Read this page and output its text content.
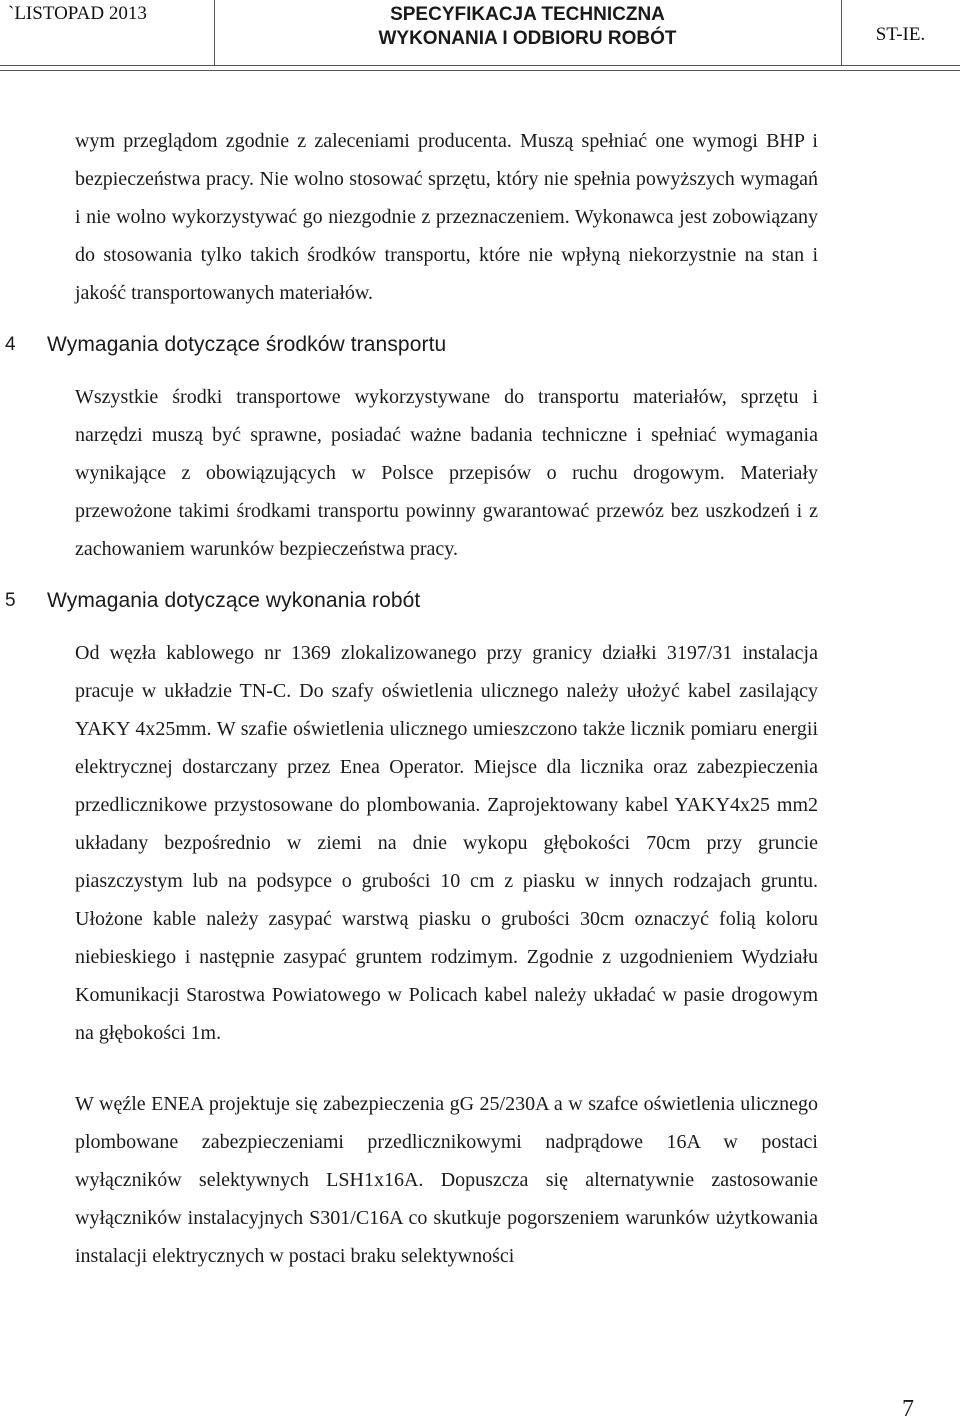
`LISTOPAD 2013	SPECYFIKACJA TECHNICZNA
WYKONANIA I ODBIORU ROBÓT	ST-IE.

wym przeglądom zgodnie z zaleceniami producenta. Muszą spełniać one wymogi BHP i bezpieczeństwa pracy. Nie wolno stosować sprzętu, który nie spełnia powyższych wymagań i nie wolno wykorzystywać go niezgodnie z przeznaczeniem. Wykonawca jest zobowiązany do stosowania tylko takich środków transportu, które nie wpłyną niekorzystnie na stan i jakość transportowanych materiałów.

4 Wymagania dotyczące środków transportu

Wszystkie środki transportowe wykorzystywane do transportu materiałów, sprzętu i narzędzi muszą być sprawne, posiadać ważne badania techniczne i spełniać wymagania wynikające z obowiązujących w Polsce przepisów o ruchu drogowym. Materiały przewożone takimi środkami transportu powinny gwarantować przewóz bez uszkodzeń i z zachowaniem warunków bezpieczeństwa pracy.

5 Wymagania dotyczące wykonania robót

Od węzła kablowego nr 1369 zlokalizowanego przy granicy działki 3197/31 instalacja pracuje w układzie TN-C. Do szafy oświetlenia ulicznego należy ułożyć kabel zasilający YAKY 4x25mm. W szafie oświetlenia ulicznego umieszczono także licznik pomiaru energii elektrycznej dostarczany przez Enea Operator. Miejsce dla licznika oraz zabezpieczenia przedlicznikowe przystosowane do plombowania. Zaprojektowany kabel YAKY4x25 mm2 układany bezpośrednio w ziemi na dnie wykopu głębokości 70cm przy gruncie piaszczystym lub na podsypce o grubości 10 cm z piasku w innych rodzajach gruntu. Ułożone kable należy zasypać warstwą piasku o grubości 30cm oznaczyć folią koloru niebieskiego i następnie zasypać gruntem rodzimym. Zgodnie z uzgodnieniem Wydziału Komunikacji Starostwa Powiatowego w Policach kabel należy układać w pasie drogowym na głębokości 1m.

W węźle ENEA projektuje się zabezpieczenia gG 25/230A a w szafce oświetlenia ulicznego plombowane zabezpieczeniami przedlicznikowymi nadprądowe 16A w postaci wyłączników selektywnych LSH1x16A. Dopuszcza się alternatywnie zastosowanie wyłączników instalacyjnych S301/C16A co skutkuje pogorszeniem warunków użytkowania instalacji elektrycznych w postaci braku selektywności

7
